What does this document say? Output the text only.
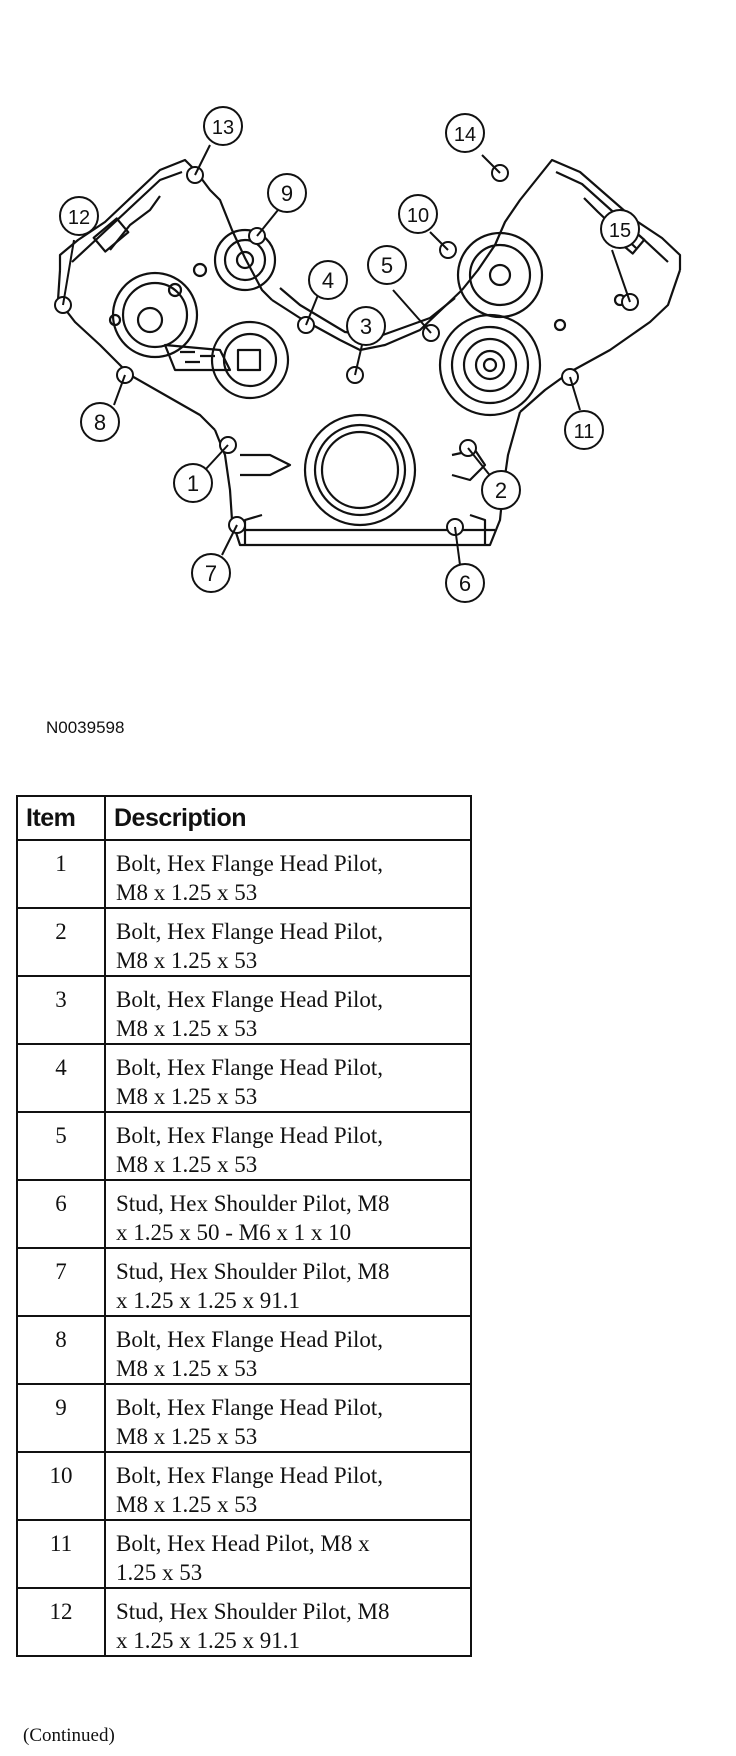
1	2
3
4
5
6
7
8
9
10
11
12
13	14
15
N0039598
Item	Description
1	Bolt, Hex Flange Head Pilot,
M8 x 1.25 x 53
2	Bolt, Hex Flange Head Pilot,
M8 x 1.25 x 53
3	Bolt, Hex Flange Head Pilot,
M8 x 1.25 x 53
4	Bolt, Hex Flange Head Pilot,
M8 x 1.25 x 53
5	Bolt, Hex Flange Head Pilot,
M8 x 1.25 x 53
6	Stud, Hex Shoulder Pilot, M8
x 1.25 x 50 - M6 x 1 x 10
7	Stud, Hex Shoulder Pilot, M8
x 1.25 x 1.25 x 91.1
8	Bolt, Hex Flange Head Pilot,
M8 x 1.25 x 53
9	Bolt, Hex Flange Head Pilot,
M8 x 1.25 x 53
10	Bolt, Hex Flange Head Pilot,
M8 x 1.25 x 53
11	Bolt, Hex Head Pilot, M8 x
1.25 x 53
12	Stud, Hex Shoulder Pilot, M8
x 1.25 x 1.25 x 91.1
(Continued)
